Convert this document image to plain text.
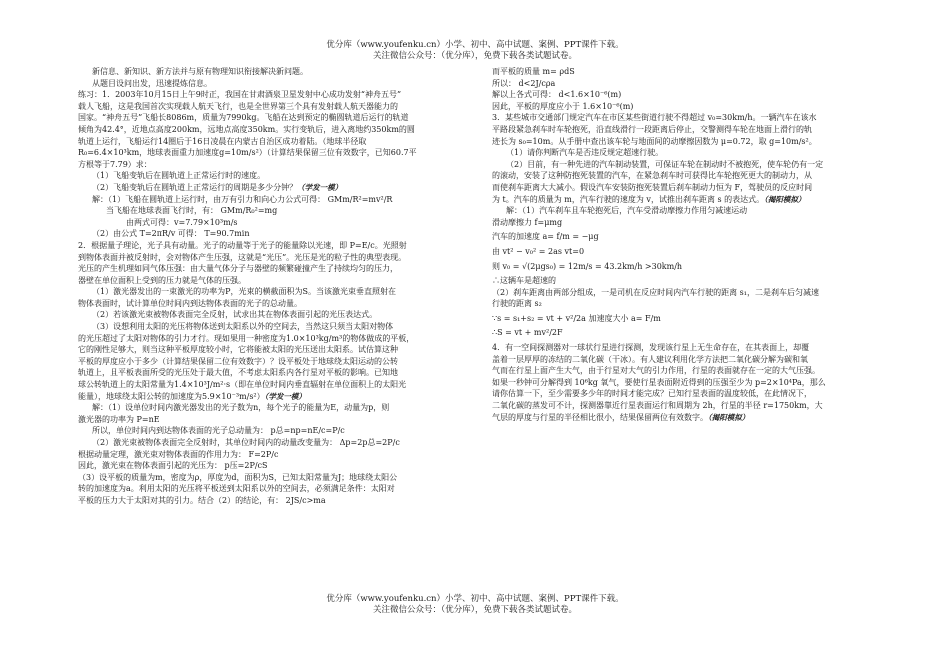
优分库（www.youfenku.cn）小学、初中、高中试题、案例、PPT课件下载。
关注微信公众号：（优分库），免费下载各类试题试卷。

新信息、新知识、新方法并与原有物理知识衔接解决新问题。

从题目设问出发，迅速提炼信息。

练习：1．2003年10月15日上午9时正，我国在甘肃酒泉卫星发射中心成功发射“神舟五号”

载人飞船，这是我国首次实现载人航天飞行，也是全世界第三个具有发射载人航天器能力的

国家。“神舟五号”飞船长8086m，质量为7990kg。飞船在达到预定的椭圆轨道后运行的轨道

倾角为42.4°，近地点高度200km，远地点高度350km。实行变轨后，进入离地约350km的圆

轨道上运行，飞船运行14圈后于16日凌晨在内蒙古自治区成功着陆。（地球半径取

R₀=6.4×10³km，地球表面重力加速度g=10m/s²）（计算结果保留三位有效数字，已知60.7平

方根等于7.79）求：

（1）飞船变轨后在圆轨道上正常运行时的速度。

（2）飞船变轨后在圆轨道上正常运行的周期是多少分钟？（学发一模）

解：（1）飞船在圆轨道上运行时，由万有引力和向心力公式可得： GMm/R²=mv²/R

当飞船在地球表面飞行时，有： GMm/R₀²=mg

由两式可得：v=7.79×10³m/s

（2）由公式 T=2πR/v 可得： T=90.7min

2．根据量子理论，光子具有动量。光子的动量等于光子的能量除以光速，即 P=E/c。光照射

到物体表面并被反射时，会对物体产生压强，这就是“光压”。光压是光的粒子性的典型表现。

光压的产生机理如同气体压强：由大量气体分子与器壁的频繁碰撞产生了持续均匀的压力，

器壁在单位面积上受到的压力就是气体的压强。

（1）激光器发出的一束激光的功率为P，光束的横截面积为S。当该激光束垂直照射在

物体表面时，试计算单位时间内到达物体表面的光子的总动量。

（2）若该激光束被物体表面完全反射，试求出其在物体表面引起的光压表达式。

（3）设想利用太阳的光压将物体送到太阳系以外的空间去，当然这只须当太阳对物体

的光压超过了太阳对物体的引力才行。现如果用一种密度为1.0×10³kg/m³的物体做成的平板，

它的刚性足够大，则当这种平板厚度较小时，它将能被太阳的光压送出太阳系。试估算这种

平板的厚度应小于多少（计算结果保留二位有效数字）？设平板处于地球绕太阳运动的公转

轨道上，且平板表面所受的光压处于最大值，不考虑太阳系内各行星对平板的影响。已知地

球公转轨道上的太阳常量为1.4×10³J/m²·s（即在单位时间内垂直辐射在单位面积上的太阳光

能量），地球绕太阳公转的加速度为5.9×10⁻³m/s²）（学发一模）

解：（1）设单位时间内激光器发出的光子数为n，每个光子的能量为E，动量为p，则

激光器的功率为 P=nE

所以，单位时间内到达物体表面的光子总动量为： p总=np=nE/c=P/c

（2）激光束被物体表面完全反射时，其单位时间内的动量改变量为： Δp=2p总=2P/c

根据动量定理，激光束对物体表面的作用力为： F=2P/c

因此，激光束在物体表面引起的光压为： p压=2P/cS

（3）设平板的质量为m，密度为ρ，厚度为d，面积为S，已知太阳常量为J；地球绕太阳公

转的加速度为a。利用太阳的光压将平板送到太阳系以外的空间去，必须满足条件：太阳对

平板的压力大于太阳对其的引力。结合（2）的结论，有： 2JS/c>ma

而平板的质量 m= ρdS

所以： d<2J/cρa

解以上各式可得： d<1.6×10⁻⁶(m)

因此，平板的厚度应小于 1.6×10⁻⁶(m)

3．某些城市交通部门规定汽车在市区某些街道行驶不得超过 v₀=30km/h。一辆汽车在该水

平路段紧急刹车时车轮抱死，沿直线滑行一段距离后停止，交警测得车轮在地面上滑行的轨

迹长为 s₀=10m。从手册中查出该车轮与地面间的动摩擦因数为 μ=0.72，取 g=10m/s²。

（1）请你判断汽车是否违反规定超速行驶。

（2）目前，有一种先进的汽车制动装置，可保证车轮在制动时不被抱死，使车轮仍有一定

的滚动，安装了这种防抱死装置的汽车，在紧急刹车时可获得比车轮抱死更大的制动力，从

而使刹车距离大大减小。假设汽车安装防抱死装置后刹车制动力恒为 F，驾驶员的反应时间

为 t。汽车的质量为 m，汽车行驶的速度为 v，试推出刹车距离 s 的表达式。（揭阳模拟）

解：（1）汽车刹车且车轮抱死后，汽车受滑动摩擦力作用匀减速运动

滑动摩擦力 f=μmg

汽车的加速度 a= f/m = −μg

由 vt² − v₀² = 2as vt=0

则 v₀ = √(2μgs₀) = 12m/s = 43.2km/h >30km/h

∴这辆车是超速的

（2）刹车距离由两部分组成，一是司机在反应时间内汽车行驶的距离 s₁，二是刹车后匀减速

行驶的距离 s₂

∵s = s₁+s₂ = vt + v²/2a 加速度大小 a= F/m

∴S = vt + mv²/2F

4．有一空间探测器对一球状行星进行探测，发现该行星上无生命存在，在其表面上，却覆

盖着一层厚厚的冻结的二氧化碳（干冰）。有人建议利用化学方法把二氧化碳分解为碳和氧

气而在行星上面产生大气，由于行星对大气的引力作用，行星的表面就存在一定的大气压强。

如果一秒钟可分解得到 10⁶kg 氧气，要使行星表面附近得到的压强至少为 p=2×10⁴Pa，那么

请你估算一下，至少需要多少年的时间才能完成？已知行星表面的温度较低，在此情况下，

二氧化碳的蒸发可不计，探测器靠近行星表面运行和周期为 2h，行星的半径 r=1750km，大

气层的厚度与行星的半径相比很小，结果保留两位有效数字。（揭阳模拟）

优分库（www.youfenku.cn）小学、初中、高中试题、案例、PPT课件下载。
关注微信公众号：（优分库），免费下载各类试题试卷。
